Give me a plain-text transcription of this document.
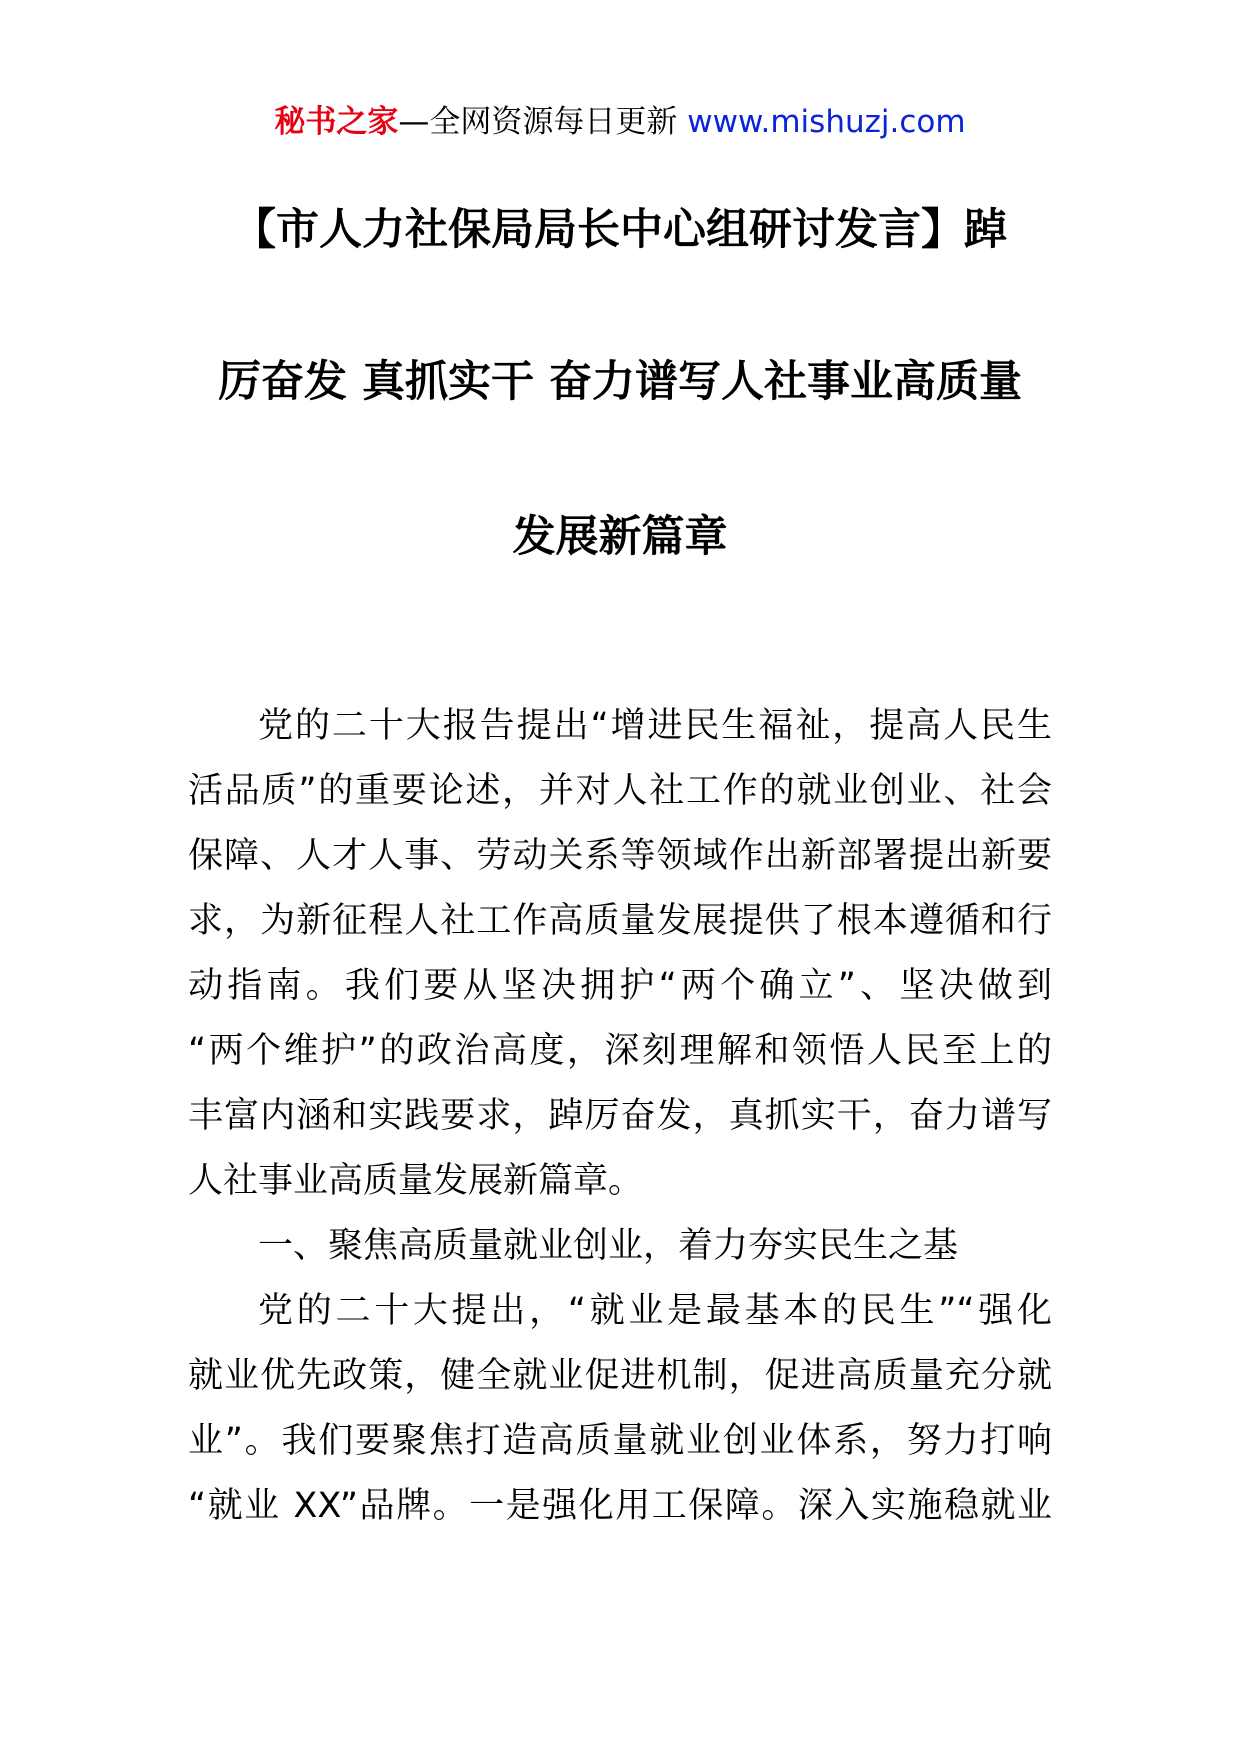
秘书之家—全网资源每日更新 www.mishuzj.com
【市人力社保局局长中心组研讨发言】踔
厉奋发 真抓实干 奋力谱写人社事业高质量
发展新篇章
党的二十大报告提出“增进民生福祉，提高人民生
活品质”的重要论述，并对人社工作的就业创业、社会
保障、人才人事、劳动关系等领域作出新部署提出新要
求，为新征程人社工作高质量发展提供了根本遵循和行
动指南。我们要从坚决拥护“两个确立”、坚决做到
“两个维护”的政治高度，深刻理解和领悟人民至上的
丰富内涵和实践要求，踔厉奋发，真抓实干，奋力谱写
人社事业高质量发展新篇章。
一、聚焦高质量就业创业，着力夯实民生之基
党的二十大提出，“就业是最基本的民生”“强化
就业优先政策，健全就业促进机制，促进高质量充分就
业”。我们要聚焦打造高质量就业创业体系，努力打响
“就业 XX”品牌。一是强化用工保障。深入实施稳就业
